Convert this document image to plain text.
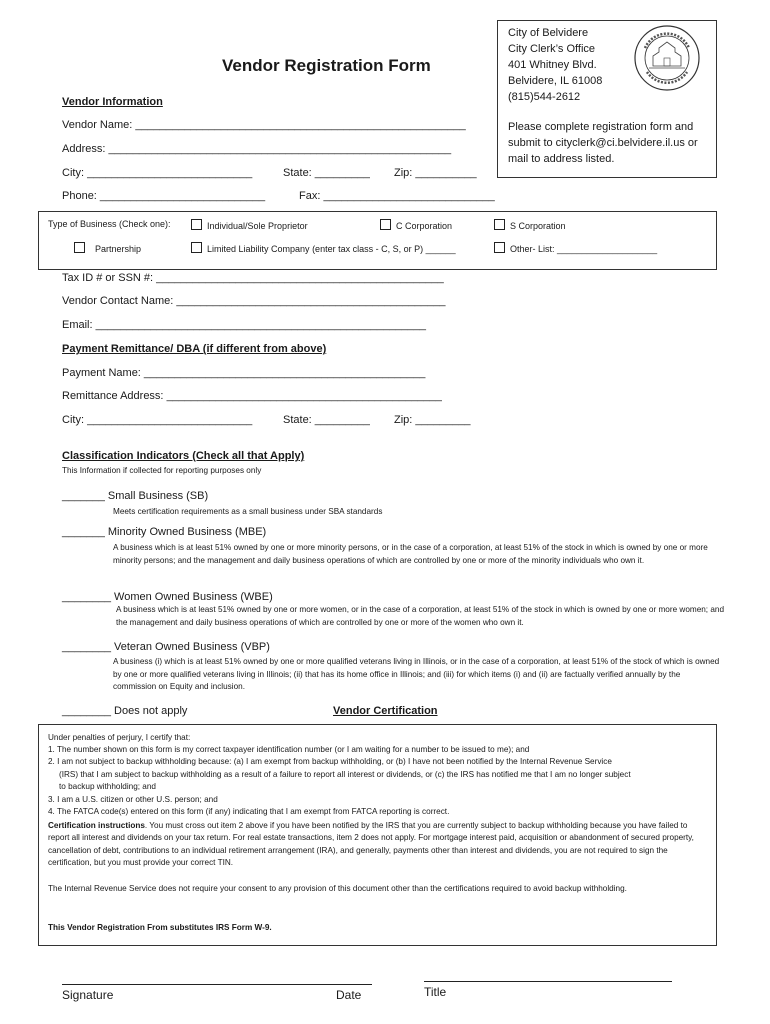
Vendor Registration Form
City of Belvidere
City Clerk’s Office
401 Whitney Blvd.
Belvidere, IL 61008
(815)544-2612
Please complete registration form and submit to cityclerk@ci.belvidere.il.us or mail to address listed.
Vendor Information
Vendor Name: ______________________________________________________
Address: ________________________________________________________
City: ___________________________	State: _________ Zip: __________
Phone: ___________________________	Fax: ____________________________
Type of Business (Check one):	Individual/Sole Proprietor	C Corporation	S Corporation
Partnership	Limited Liability Company (enter tax class - C, S, or P) ______	Other- List: ____________________
Tax ID # or SSN #: _______________________________________________
Vendor Contact Name: ____________________________________________
Email: ______________________________________________________
Payment Remittance/ DBA (if different from above)
Payment Name: ______________________________________________
Remittance Address: _____________________________________________
City: ___________________________	State: _________ Zip: _________
Classification Indicators (Check all that Apply)
This Information if collected for reporting purposes only
_______ Small Business (SB)
Meets certification requirements as a small business under SBA standards
_______ Minority Owned Business (MBE)
A business which is at least 51% owned by one or more minority persons, or in the case of a corporation, at least 51% of the stock in which is owned by one or more minority persons; and the management and daily business operations of which are controlled by one or more of the minority individuals who own it.
________ Women Owned Business (WBE)
A business which is at least 51% owned by one or more women, or in the case of a corporation, at least 51% of the stock in which is owned by one or more women; and the management and daily business operations of which are controlled by one or more of the women who own it.
________ Veteran Owned Business (VBP)
A business (i) which is at least 51% owned by one or more qualified veterans living in Illinois, or in the case of a corporation, at least 51% of the stock of which is owned by one or more qualified veterans living in Illinois; (ii) that has its home office in Illinois; and (iii) for which items (i) and (ii) are factually verified annually by the commission on Equity and inclusion.
________ Does not apply	Vendor Certification
Under penalties of perjury, I certify that:
1. The number shown on this form is my correct taxpayer identification number (or I am waiting for a number to be issued to me); and
2. I am not subject to backup withholding because: (a) I am exempt from backup withholding, or (b) I have not been notified by the Internal Revenue Service
(IRS) that I am subject to backup withholding as a result of a failure to report all interest or dividends, or (c) the IRS has notified me that I am no longer subject
to backup withholding; and
3. I am a U.S. citizen or other U.S. person; and
4. The FATCA code(s) entered on this form (if any) indicating that I am exempt from FATCA reporting is correct.
Certification instructions. You must cross out item 2 above if you have been notified by the IRS that you are currently subject to backup withholding because you have failed to report all interest and dividends on your tax return. For real estate transactions, item 2 does not apply. For mortgage interest paid, acquisition or abandonment of secured property, cancellation of debt, contributions to an individual retirement arrangement (IRA), and generally, payments other than interest and dividends, you are not required to sign the certification, but you must provide your correct TIN.
The Internal Revenue Service does not require your consent to any provision of this document other than the certifications required to avoid backup withholding.
This Vendor Registration From substitutes IRS Form W-9.
Signature	Date	Title
